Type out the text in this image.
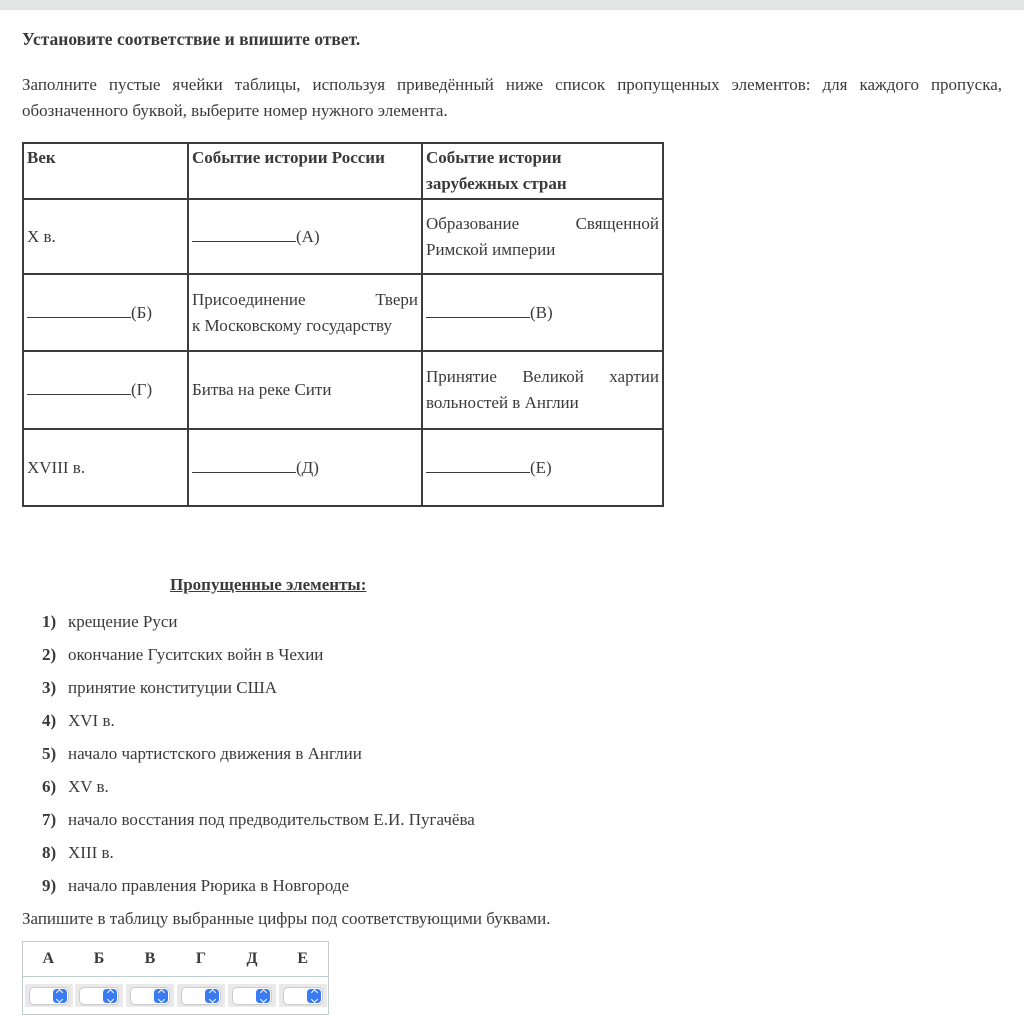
Установите соответствие и впишите ответ.

Заполните пустые ячейки таблицы, используя приведённый ниже список пропущенных элементов: для каждого пропуска, обозначенного буквой, выберите номер нужного элемента.

Век	Событие истории России	Событие истории зарубежных стран
X в.	(А)	Образование Священной Римской империи
(Б)	Присоединение Твери к Московскому государству	(В)
(Г)	Битва на реке Сити	Принятие Великой хартии вольностей в Англии
XVIII в.	(Д)	(Е)
Пропущенные элементы:
1) крещение Руси
2) окончание Гуситских войн в Чехии
3) принятие конституции США
4) XVI в.
5) начало чартистского движения в Англии
6) XV в.
7) начало восстания под предводительством Е.И. Пугачёва
8) XIII в.
9) начало правления Рюрика в Новгороде

Запишите в таблицу выбранные цифры под соответствующими буквами.

А	Б	В	Г	Д	Е
